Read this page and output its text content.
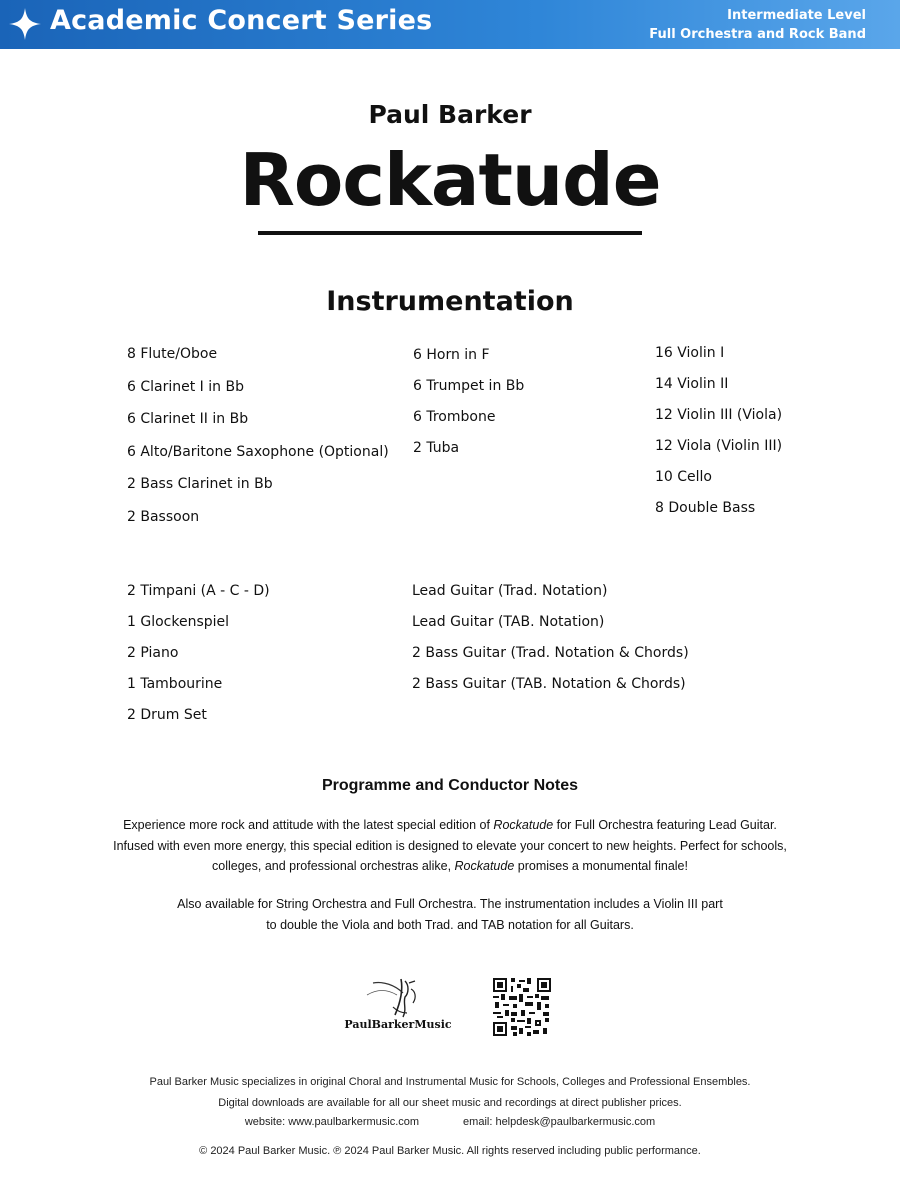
Academic Concert Series	Intermediate Level
Full Orchestra and Rock Band
Paul Barker
Rockatude
Instrumentation
8 Flute/Oboe
6 Clarinet I in Bb
6 Clarinet II in Bb
6 Alto/Baritone Saxophone (Optional)
2 Bass Clarinet in Bb
2 Bassoon
6 Horn in F
6 Trumpet in Bb
6 Trombone
2 Tuba
16 Violin I
14 Violin II
12 Violin III (Viola)
12 Viola (Violin III)
10 Cello
8 Double Bass
2 Timpani (A - C - D)
1 Glockenspiel
2 Piano
1 Tambourine
2 Drum Set
Lead Guitar (Trad. Notation)
Lead Guitar (TAB. Notation)
2 Bass Guitar (Trad. Notation & Chords)
2 Bass Guitar (TAB. Notation & Chords)
Programme and Conductor Notes
Experience more rock and attitude with the latest special edition of Rockatude for Full Orchestra featuring Lead Guitar.
Infused with even more energy, this special edition is designed to elevate your concert to new heights. Perfect for schools,
colleges, and professional orchestras alike, Rockatude promises a monumental finale!
Also available for String Orchestra and Full Orchestra. The instrumentation includes a Violin III part
to double the Viola and both Trad. and TAB notation for all Guitars.
PaulBarkerMusic
Paul Barker Music specializes in original Choral and Instrumental Music for Schools, Colleges and Professional Ensembles.
Digital downloads are available for all our sheet music and recordings at direct publisher prices.
website: www.paulbarkermusic.com	email: helpdesk@paulbarkermusic.com
© 2024 Paul Barker Music. ℗ 2024 Paul Barker Music. All rights reserved including public performance.
